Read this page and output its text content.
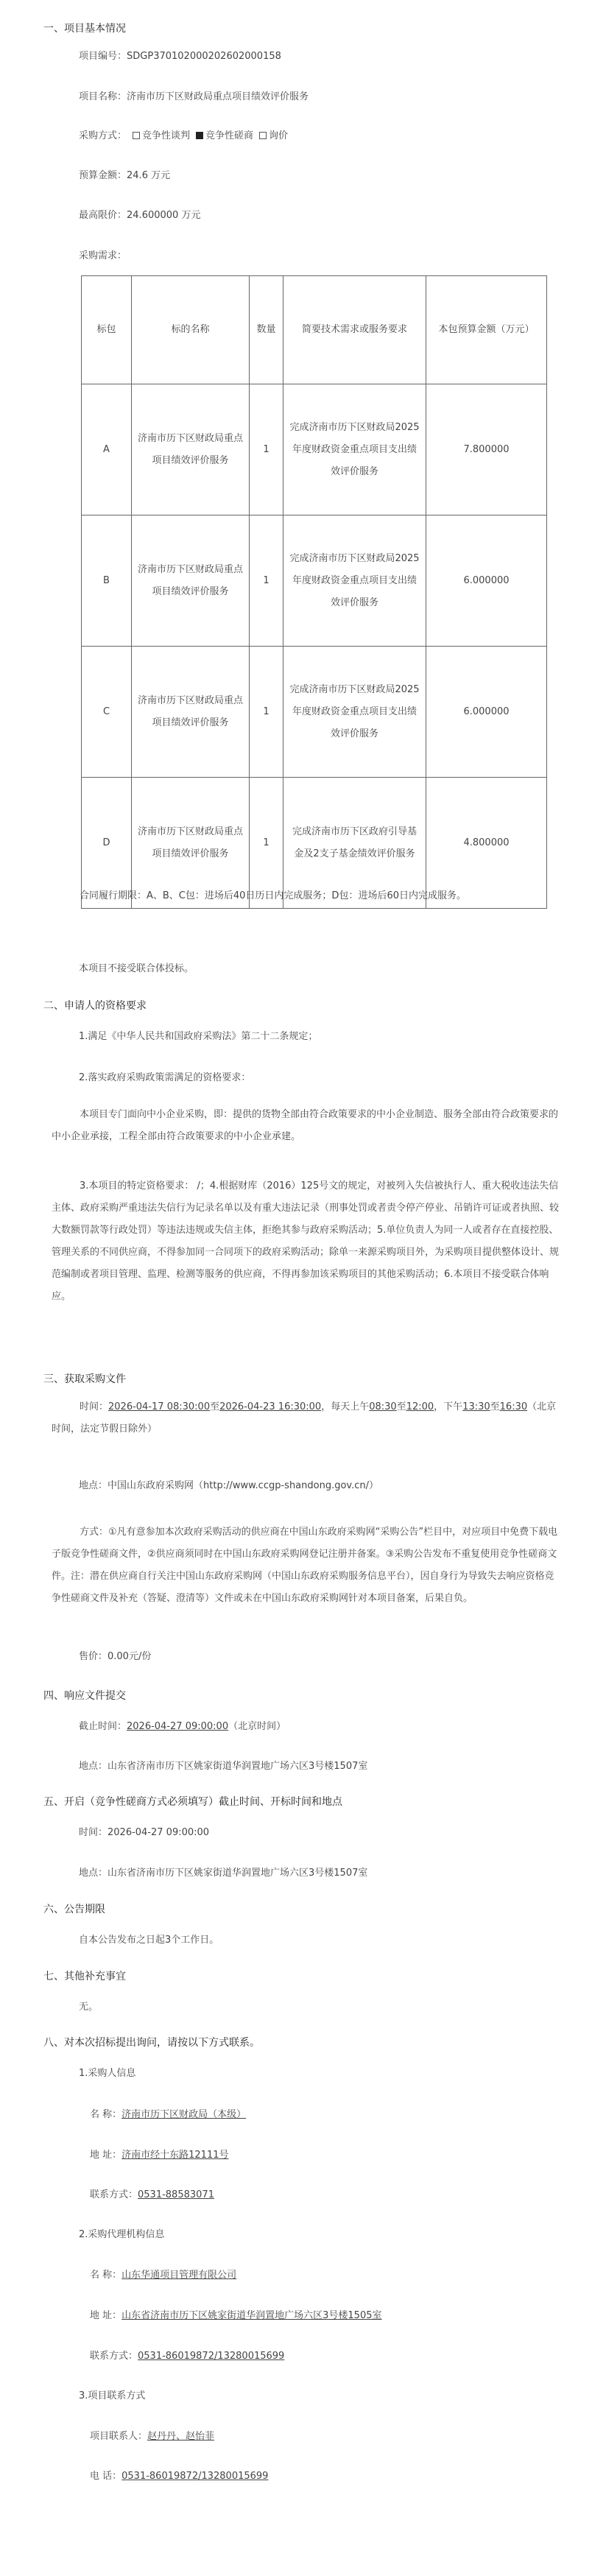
一、项目基本情况
项目编号：SDGP370102000202602000158
项目名称：济南市历下区财政局重点项目绩效评价服务
采购方式： 竞争性谈判 竞争性磋商 询价
预算金额：24.6 万元
最高限价：24.600000 万元
采购需求：
标包	标的名称	数量	简要技术需求或服务要求	本包预算金额（万元）
A	济南市历下区财政局重点项目绩效评价服务	1	完成济南市历下区财政局2025年度财政资金重点项目支出绩效评价服务	7.800000
B	济南市历下区财政局重点项目绩效评价服务	1	完成济南市历下区财政局2025年度财政资金重点项目支出绩效评价服务	6.000000
C	济南市历下区财政局重点项目绩效评价服务	1	完成济南市历下区财政局2025年度财政资金重点项目支出绩效评价服务	6.000000
D	济南市历下区财政局重点项目绩效评价服务	1	完成济南市历下区政府引导基金及2支子基金绩效评价服务	4.800000
合同履行期限：A、B、C包：进场后40日历日内完成服务；D包：进场后60日内完成服务。
本项目不接受联合体投标。
二、申请人的资格要求
1.满足《中华人民共和国政府采购法》第二十二条规定；
2.落实政府采购政策需满足的资格要求：
本项目专门面向中小企业采购，即：提供的货物全部由符合政策要求的中小企业制造、服务全部由符合政策要求的中小企业承接，工程全部由符合政策要求的中小企业承建。
3.本项目的特定资格要求： /；4.根据财库（2016）125号文的规定，对被列入失信被执行人、重大税收违法失信主体、政府采购严重违法失信行为记录名单以及有重大违法记录（刑事处罚或者责令停产停业、吊销许可证或者执照、较大数额罚款等行政处罚）等违法违规或失信主体，拒绝其参与政府采购活动；5.单位负责人为同一人或者存在直接控股、管理关系的不同供应商，不得参加同一合同项下的政府采购活动；除单一来源采购项目外，为采购项目提供整体设计、规范编制或者项目管理、监理、检测等服务的供应商，不得再参加该采购项目的其他采购活动；6.本项目不接受联合体响应。
三、获取采购文件
时间：2026-04-17 08:30:00至2026-04-23 16:30:00，每天上午08:30至12:00，下午13:30至16:30（北京时间，法定节假日除外）
地点：中国山东政府采购网（http://www.ccgp-shandong.gov.cn/）
方式：①凡有意参加本次政府采购活动的供应商在中国山东政府采购网“采购公告”栏目中，对应项目中免费下载电子版竞争性磋商文件，②供应商须同时在中国山东政府采购网登记注册并备案。③采购公告发布不重复使用竞争性磋商文件。注：潜在供应商自行关注中国山东政府采购网（中国山东政府采购服务信息平台），因自身行为导致失去响应资格竞争性磋商文件及补充（答疑、澄清等）文件或未在中国山东政府采购网针对本项目备案，后果自负。
售价：0.00元/份
四、响应文件提交
截止时间：2026-04-27 09:00:00（北京时间）
地点：山东省济南市历下区姚家街道华润置地广场六区3号楼1507室
五、开启（竞争性磋商方式必须填写）截止时间、开标时间和地点
时间：2026-04-27 09:00:00
地点：山东省济南市历下区姚家街道华润置地广场六区3号楼1507室
六、公告期限
自本公告发布之日起3个工作日。
七、其他补充事宜
无。
八、对本次招标提出询问，请按以下方式联系。
1.采购人信息
名 称：济南市历下区财政局（本级）
地 址：济南市经十东路12111号
联系方式：0531-88583071
2.采购代理机构信息
名 称：山东华通项目管理有限公司
地 址：山东省济南市历下区姚家街道华润置地广场六区3号楼1505室
联系方式：0531-86019872/13280015699
3.项目联系方式
项目联系人：赵丹丹、赵怡菲
电 话：0531-86019872/13280015699
